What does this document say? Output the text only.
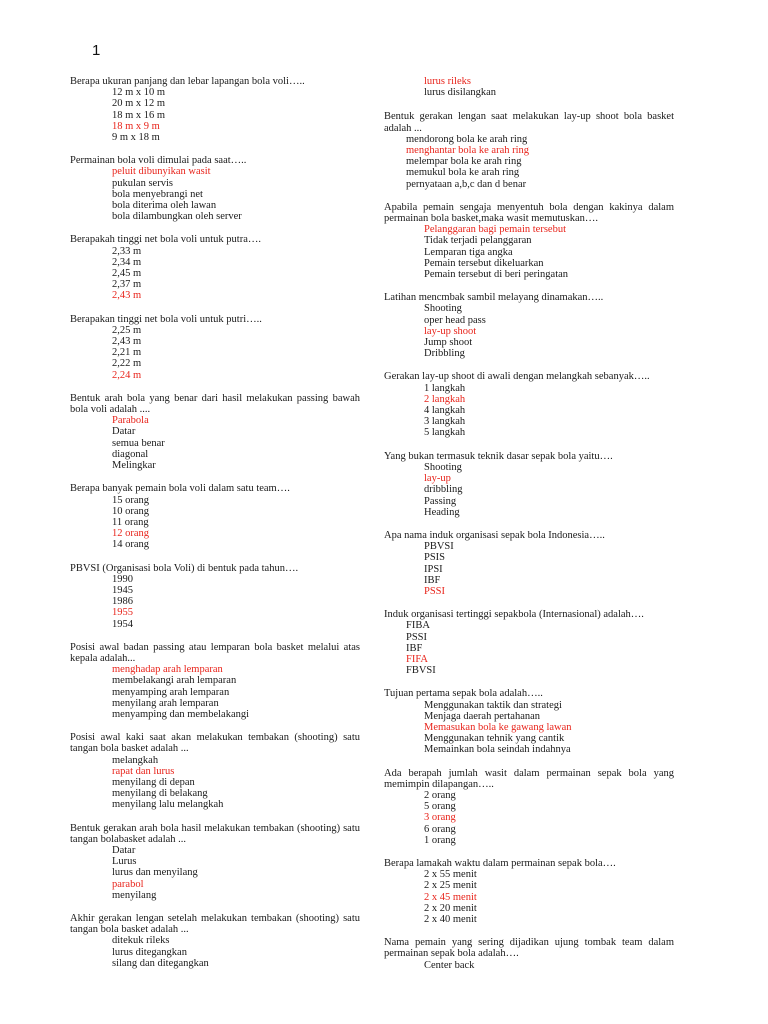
1

Berapa ukuran panjang dan lebar lapangan bola voli…..

12 m x 10 m
20 m x 12 m
18 m x 16 m
18 m x 9 m
9 m x 18 m

Permainan bola voli dimulai pada saat…..

peluit dibunyikan wasit
pukulan servis
bola menyebrangi net
bola diterima oleh lawan
bola dilambungkan oleh server

Berapakah tinggi net bola voli untuk putra….

2,33 m
2,34 m
2,45 m
2,37 m
2,43 m

Berapakan tinggi net bola voli untuk putri…..

2,25 m
2,43 m
2,21 m
2,22 m
2,24 m

Bentuk arah bola yang benar dari hasil melakukan passing bawah bola voli adalah ....

Parabola
Datar
semua benar
diagonal
Melingkar

Berapa banyak pemain bola voli dalam satu team….

15 orang
10 orang
11 orang
12 orang
14 orang

PBVSI (Organisasi bola Voli) di bentuk pada tahun….

1990
1945
1986
1955
1954

Posisi awal badan passing atau lemparan bola basket melalui atas kepala adalah...

menghadap arah lemparan
membelakangi arah lemparan
menyamping arah lemparan
menyilang arah lemparan
menyamping dan membelakangi

Posisi awal kaki saat akan melakukan tembakan (shooting) satu tangan bola basket adalah ...

melangkah
rapat dan lurus
menyilang di depan
menyilang di belakang
menyilang lalu melangkah

Bentuk gerakan arah bola hasil melakukan tembakan (shooting) satu tangan bolabasket adalah ...

Datar
Lurus
lurus dan menyilang
parabol
menyilang

Akhir gerakan lengan setelah melakukan tembakan (shooting) satu tangan bola basket adalah ...

ditekuk rileks
lurus ditegangkan
silang dan ditegangkan
lurus rileks
lurus disilangkan

Bentuk gerakan lengan saat melakukan lay-up shoot bola basket adalah ...

mendorong bola ke arah ring
menghantar bola ke arah ring
melempar bola ke arah ring
memukul bola ke arah ring
pernyataan a,b,c dan d benar

Apabila pemain sengaja menyentuh bola dengan kakinya dalam permainan bola basket,maka wasit memutuskan….

Pelanggaran bagi pemain tersebut
Tidak terjadi pelanggaran
Lemparan tiga angka
Pemain tersebut dikeluarkan
Pemain tersebut di beri peringatan

Latihan mencmbak sambil melayang dinamakan…..

Shooting
oper head pass
lay-up shoot
Jump shoot
Dribbling

Gerakan lay-up shoot di awali dengan melangkah sebanyak…..

1 langkah
2 langkah
4 langkah
3 langkah
5 langkah

Yang bukan termasuk teknik dasar sepak bola yaitu….

Shooting
lay-up
dribbling
Passing
Heading

Apa nama induk organisasi sepak bola Indonesia…..

PBVSI
PSIS
IPSI
IBF
PSSI

Induk organisasi tertinggi sepakbola (Internasional) adalah….

FIBA
PSSI
IBF
FIFA
FBVSI

Tujuan pertama sepak bola adalah…..

Menggunakan taktik dan strategi
Menjaga daerah pertahanan
Memasukan bola ke gawang lawan
Menggunakan tehnik yang cantik
Memainkan bola seindah indahnya

Ada berapah jumlah wasit dalam permainan sepak bola yang memimpin dilapangan…..

2 orang
5 orang
3 orang
6 orang
1 orang

Berapa lamakah waktu dalam permainan sepak bola….

2 x 55 menit
2 x 25 menit
2 x 45 menit
2 x 20 menit
2 x 40 menit

Nama pemain yang sering dijadikan ujung tombak team dalam permainan sepak bola adalah….

Center back
